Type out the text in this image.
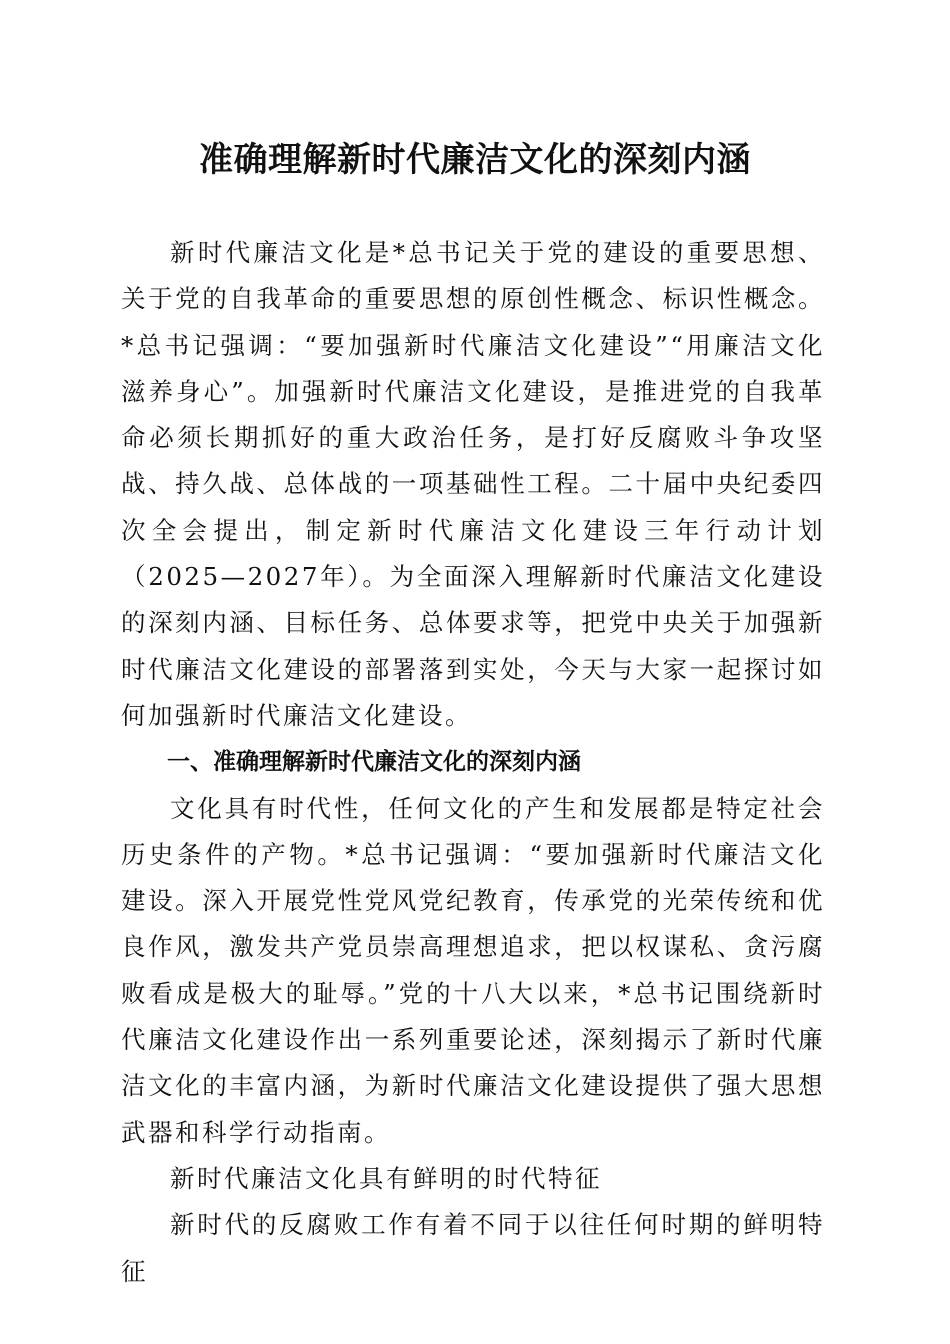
准确理解新时代廉洁文化的深刻内涵

新时代廉洁文化是*总书记关于党的建设的重要思想、关于党的自我革命的重要思想的原创性概念、标识性概念。*总书记强调：“要加强新时代廉洁文化建设”“用廉洁文化滋养身心”。加强新时代廉洁文化建设，是推进党的自我革命必须长期抓好的重大政治任务，是打好反腐败斗争攻坚战、持久战、总体战的一项基础性工程。二十届中央纪委四次全会提出，制定新时代廉洁文化建设三年行动计划（2025—2027年）。为全面深入理解新时代廉洁文化建设的深刻内涵、目标任务、总体要求等，把党中央关于加强新时代廉洁文化建设的部署落到实处，今天与大家一起探讨如何加强新时代廉洁文化建设。

一、准确理解新时代廉洁文化的深刻内涵

文化具有时代性，任何文化的产生和发展都是特定社会历史条件的产物。*总书记强调：“要加强新时代廉洁文化建设。深入开展党性党风党纪教育，传承党的光荣传统和优良作风，激发共产党员崇高理想追求，把以权谋私、贪污腐败看成是极大的耻辱。”党的十八大以来，*总书记围绕新时代廉洁文化建设作出一系列重要论述，深刻揭示了新时代廉洁文化的丰富内涵，为新时代廉洁文化建设提供了强大思想武器和科学行动指南。

新时代廉洁文化具有鲜明的时代特征

新时代的反腐败工作有着不同于以往任何时期的鲜明特征
